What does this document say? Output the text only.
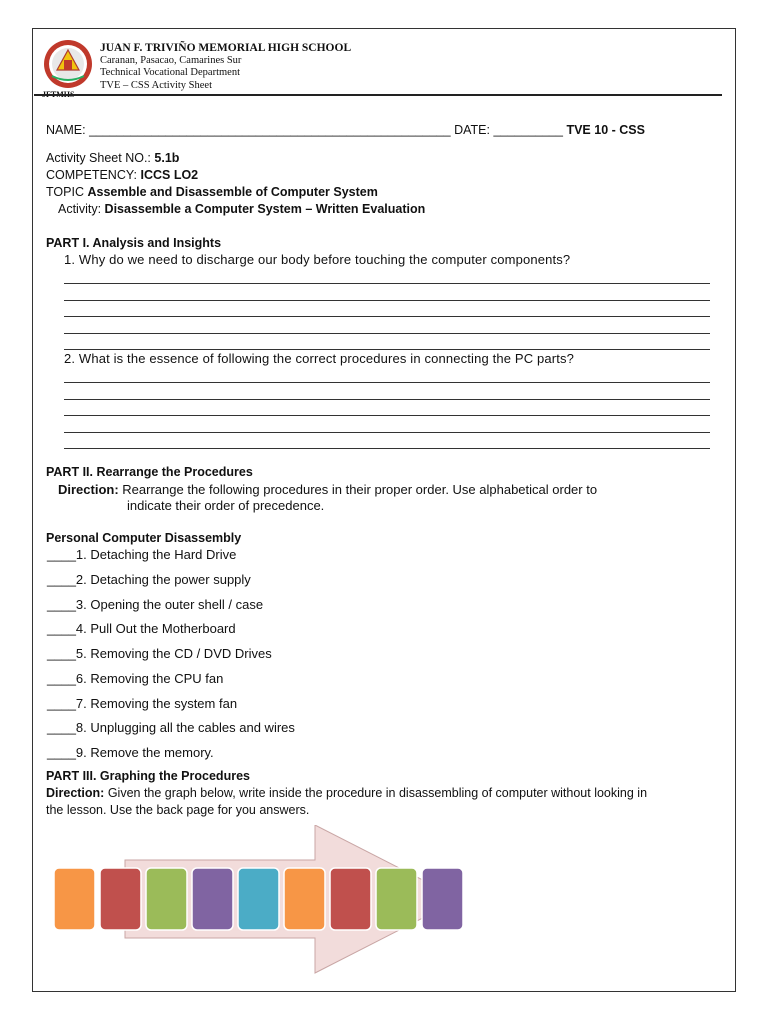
JFTMHS
JUAN F. TRIVIÑO MEMORIAL HIGH SCHOOL
Caranan, Pasacao, Camarines Sur
Technical Vocational Department
TVE – CSS Activity Sheet
NAME: ____________________________________________________ DATE: __________ TVE 10 - CSS
Activity Sheet NO.: 5.1b
COMPETENCY: ICCS LO2
TOPIC Assemble and Disassemble of Computer System
Activity: Disassemble a Computer System – Written Evaluation
PART I. Analysis and Insights
1. Why do we need to discharge our body before touching the computer components?
2. What is the essence of following the correct procedures in connecting the PC parts?
PART II. Rearrange the Procedures
Direction: Rearrange the following procedures in their proper order. Use alphabetical order to
indicate their order of precedence.
Personal Computer Disassembly
____1. Detaching the Hard Drive
____2. Detaching the power supply
____3. Opening the outer shell / case
____4. Pull Out the Motherboard
____5. Removing the CD / DVD Drives
____6. Removing the CPU fan
____7. Removing the system fan
____8. Unplugging all the cables and wires
____9. Remove the memory.
PART III. Graphing the Procedures
Direction: Given the graph below, write inside the procedure in disassembling of computer without looking in
the lesson. Use the back page for you answers.
